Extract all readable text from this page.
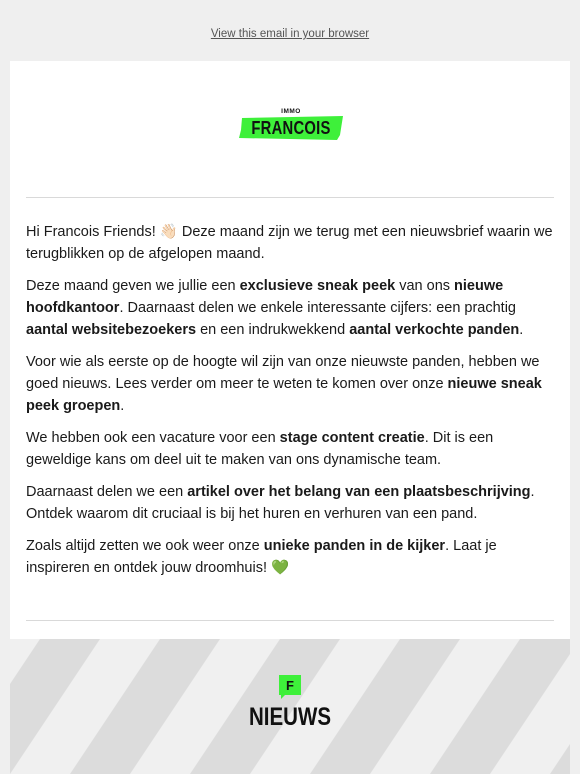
View this email in your browser
IMMO
FRANCOIS

Hi Francois Friends! 👋🏻 Deze maand zijn we terug met een nieuwsbrief waarin we terugblikken op de afgelopen maand.

Deze maand geven we jullie een exclusieve sneak peek van ons nieuwe hoofdkantoor. Daarnaast delen we enkele interessante cijfers: een prachtig aantal websitebezoekers en een indrukwekkend aantal verkochte panden.

Voor wie als eerste op de hoogte wil zijn van onze nieuwste panden, hebben we goed nieuws. Lees verder om meer te weten te komen over onze nieuwe sneak peek groepen.

We hebben ook een vacature voor een stage content creatie. Dit is een geweldige kans om deel uit te maken van ons dynamische team.

Daarnaast delen we een artikel over het belang van een plaatsbeschrijving. Ontdek waarom dit cruciaal is bij het huren en verhuren van een pand.

Zoals altijd zetten we ook weer onze unieke panden in de kijker. Laat je inspireren en ontdek jouw droomhuis! 💚

F
NIEUWS
